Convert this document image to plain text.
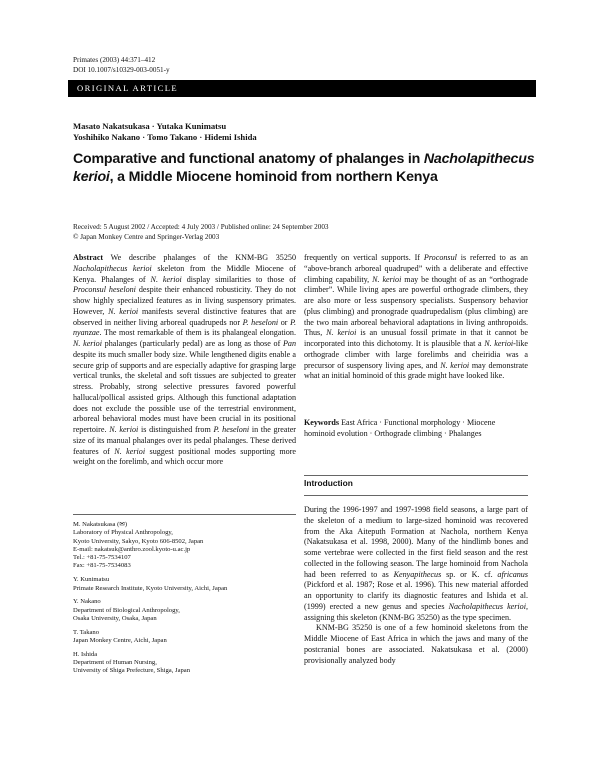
Primates (2003) 44:371–412
DOI 10.1007/s10329-003-0051-y
ORIGINAL ARTICLE
Masato Nakatsukasa · Yutaka Kunimatsu
Yoshihiko Nakano · Tomo Takano · Hidemi Ishida
Comparative and functional anatomy of phalanges in Nacholapithecus kerioi, a Middle Miocene hominoid from northern Kenya
Received: 5 August 2002 / Accepted: 4 July 2003 / Published online: 24 September 2003
© Japan Monkey Centre and Springer-Verlag 2003

Abstract We describe phalanges of the KNM-BG 35250 Nacholapithecus kerioi skeleton from the Middle Miocene of Kenya. Phalanges of N. kerioi display similarities to those of Proconsul heseloni despite their enhanced robusticity. They do not show highly specialized features as in living suspensory primates. However, N. kerioi manifests several distinctive features that are observed in neither living arboreal quadrupeds nor P. heseloni or P. nyanzae. The most remarkable of them is its phalangeal elongation. N. kerioi phalanges (particularly pedal) are as long as those of Pan despite its much smaller body size. While lengthened digits enable a secure grip of supports and are especially adaptive for grasping large vertical trunks, the skeletal and soft tissues are subjected to greater stress. Probably, strong selective pressures favored powerful hallucal/pollical assisted grips. Although this functional adaptation does not exclude the possible use of the terrestrial environment, arboreal behavioral modes must have been crucial in its positional repertoire. N. kerioi is distinguished from P. heseloni in the greater size of its manual phalanges over its pedal phalanges. These derived features of N. kerioi suggest positional modes supporting more weight on the forelimb, and which occur more

M. Nakatsukasa (✉)
Laboratory of Physical Anthropology,
Kyoto University, Sakyo, Kyoto 606-8502, Japan
E-mail: nakatsuk@anthro.zool.kyoto-u.ac.jp
Tel.: +81-75-7534107
Fax: +81-75-7534083
Y. Kunimatsu
Primate Research Institute, Kyoto University, Aichi, Japan
Y. Nakano
Department of Biological Anthropology,
Osaka University, Osaka, Japan
T. Takano
Japan Monkey Centre, Aichi, Japan
H. Ishida
Department of Human Nursing,
University of Shiga Prefecture, Shiga, Japan

frequently on vertical supports. If Proconsul is referred to as an “above-branch arboreal quadruped” with a deliberate and effective climbing capability, N. kerioi may be thought of as an “orthograde climber”. While living apes are powerful orthograde climbers, they are also more or less suspensory specialists. Suspensory behavior (plus climbing) and pronograde quadrupedalism (plus climbing) are the two main arboreal behavioral adaptations in living anthropoids. Thus, N. kerioi is an unusual fossil primate in that it cannot be incorporated into this dichotomy. It is plausible that a N. kerioi-like orthograde climber with large forelimbs and cheiridia was a precursor of suspensory living apes, and N. kerioi may demonstrate what an initial hominoid of this grade might have looked like.

Keywords East Africa · Functional morphology · Miocene hominoid evolution · Orthograde climbing · Phalanges
Introduction

During the 1996-1997 and 1997-1998 field seasons, a large part of the skeleton of a medium to large-sized hominoid was recovered from the Aka Aiteputh Formation at Nachola, northern Kenya (Nakatsukasa et al. 1998, 2000). Many of the hindlimb bones and some vertebrae were collected in the first field season and the rest collected in the following season. The large hominoid from Nachola had been referred to as Kenyapithecus sp. or K. cf. africanus (Pickford et al. 1987; Rose et al. 1996). This new material afforded an opportunity to clarify its diagnostic features and Ishida et al. (1999) erected a new genus and species Nacholapithecus kerioi, assigning this skeleton (KNM-BG 35250) as the type specimen.

KNM-BG 35250 is one of a few hominoid skeletons from the Middle Miocene of East Africa in which the jaws and many of the postcranial bones are associated. Nakatsukasa et al. (2000) provisionally analyzed body
